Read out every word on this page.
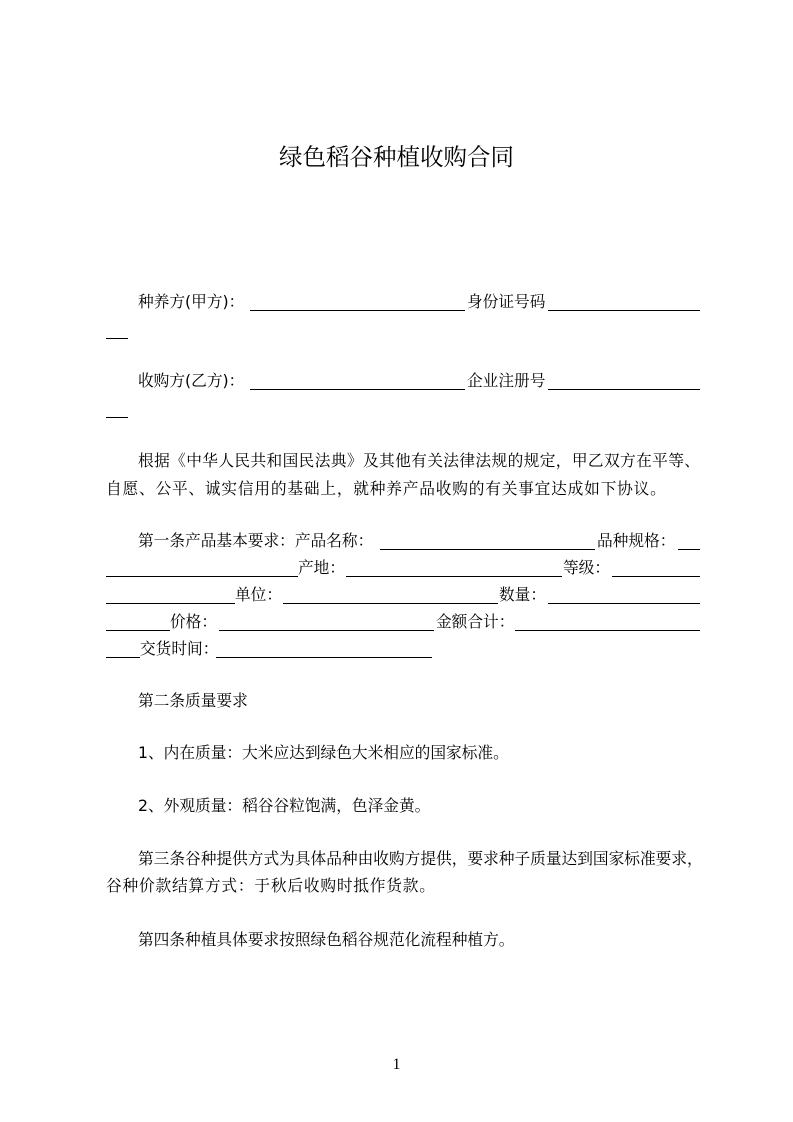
绿色稻谷种植收购合同
种养方(甲方)：	身份证号码
收购方(乙方)：	企业注册号
根据《中华人民共和国民法典》及其他有关法律法规的规定，甲乙双方在平等、
自愿、公平、诚实信用的基础上，就种养产品收购的有关事宜达成如下协议。
第一条产品基本要求：产品名称：	品种规格：
产地：	等级：
单位：	数量：
价格：	金额合计：
交货时间：
第二条质量要求
1、内在质量：大米应达到绿色大米相应的国家标准。
2、外观质量：稻谷谷粒饱满，色泽金黄。
第三条谷种提供方式为具体品种由收购方提供，要求种子质量达到国家标准要求，
谷种价款结算方式：于秋后收购时抵作货款。
第四条种植具体要求按照绿色稻谷规范化流程种植方。
1
